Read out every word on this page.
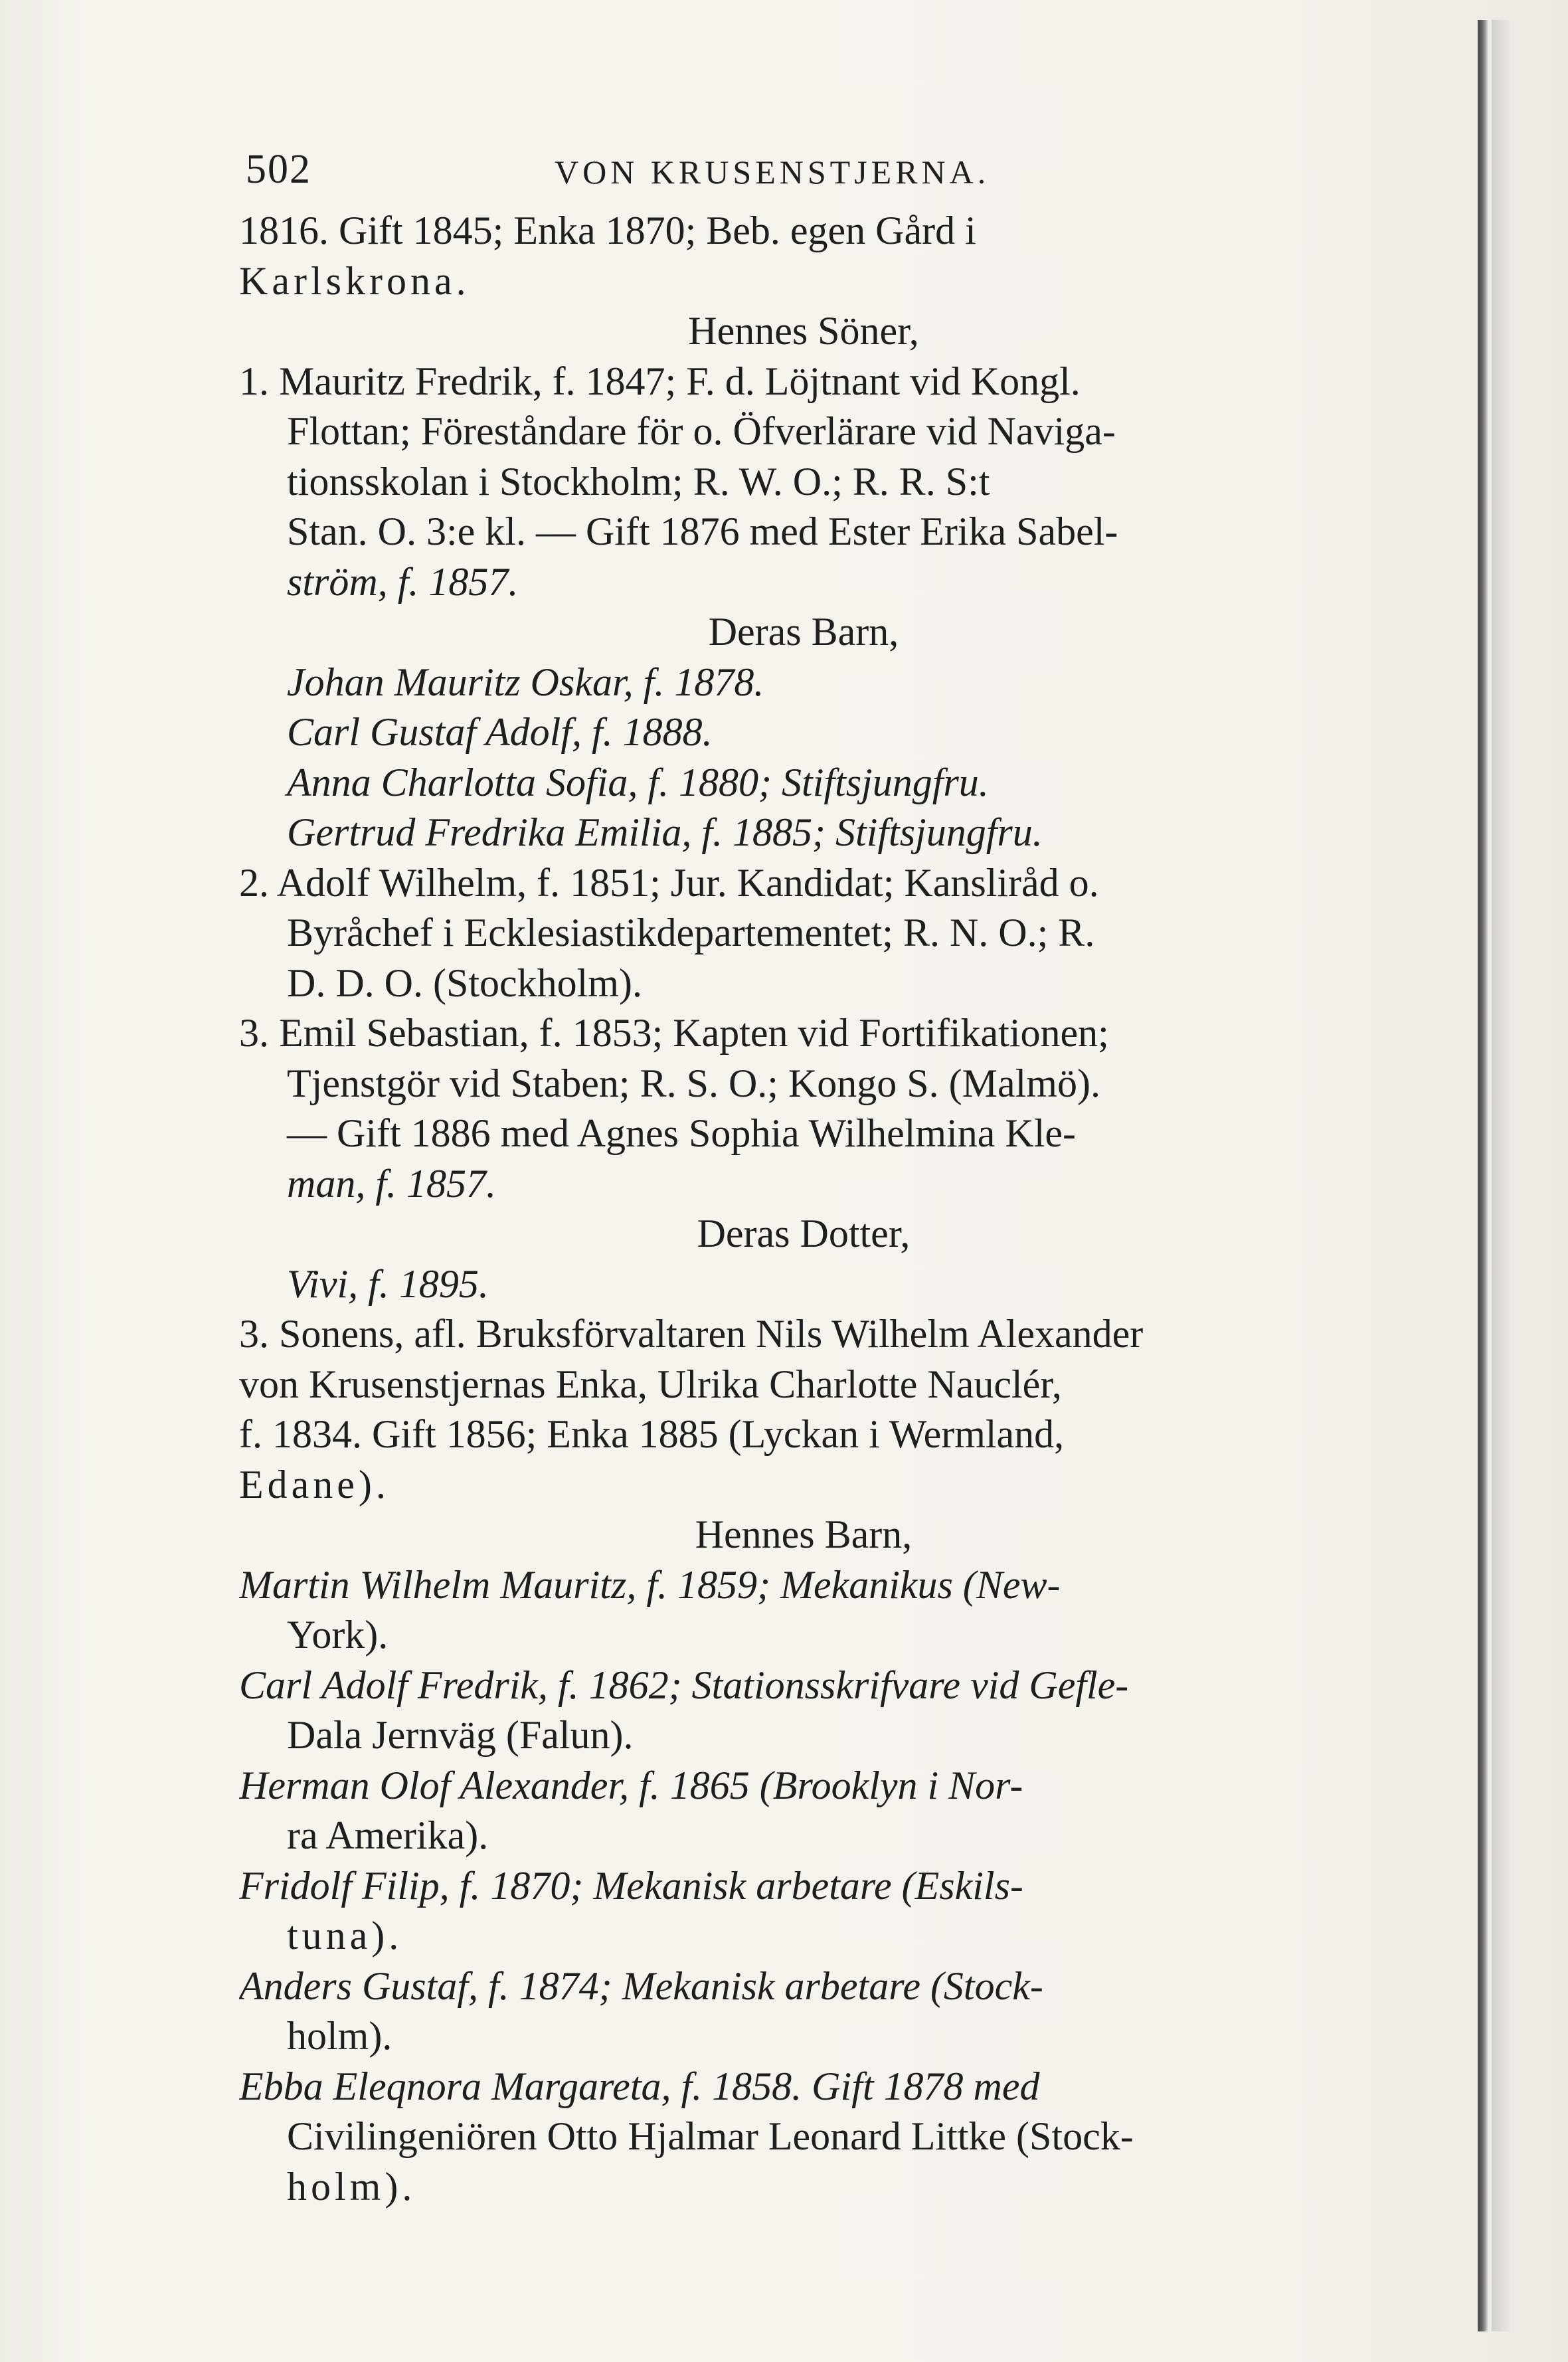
502	VON KRUSENSTJERNA.
1816. Gift 1845; Enka 1870; Beb. egen Gård i
Karlskrona.
Hennes Söner,
1. Mauritz Fredrik, f. 1847; F. d. Löjtnant vid Kongl.
Flottan; Föreståndare för o. Öfverlärare vid Naviga-
tionsskolan i Stockholm; R. W. O.; R. R. S:t
Stan. O. 3:e kl. — Gift 1876 med Ester Erika Sabel-
ström, f. 1857.
Deras Barn,
Johan Mauritz Oskar, f. 1878.
Carl Gustaf Adolf, f. 1888.
Anna Charlotta Sofia, f. 1880; Stiftsjungfru.
Gertrud Fredrika Emilia, f. 1885; Stiftsjungfru.
2. Adolf Wilhelm, f. 1851; Jur. Kandidat; Kansliråd o.
Byråchef i Ecklesiastikdepartementet; R. N. O.; R.
D. D. O. (Stockholm).
3. Emil Sebastian, f. 1853; Kapten vid Fortifikationen;
Tjenstgör vid Staben; R. S. O.; Kongo S. (Malmö).
— Gift 1886 med Agnes Sophia Wilhelmina Kle-
man, f. 1857.
Deras Dotter,
Vivi, f. 1895.
3. Sonens, afl. Bruksförvaltaren Nils Wilhelm Alexander
von Krusenstjernas Enka, Ulrika Charlotte Nauclér,
f. 1834. Gift 1856; Enka 1885 (Lyckan i Wermland,
Edane).
Hennes Barn,
Martin Wilhelm Mauritz, f. 1859; Mekanikus (New-
York).
Carl Adolf Fredrik, f. 1862; Stationsskrifvare vid Gefle-
Dala Jernväg (Falun).
Herman Olof Alexander, f. 1865 (Brooklyn i Nor-
ra Amerika).
Fridolf Filip, f. 1870; Mekanisk arbetare (Eskils-
tuna).
Anders Gustaf, f. 1874; Mekanisk arbetare (Stock-
holm).
Ebba Eleqnora Margareta, f. 1858. Gift 1878 med
Civilingeniören Otto Hjalmar Leonard Littke (Stock-
holm).
